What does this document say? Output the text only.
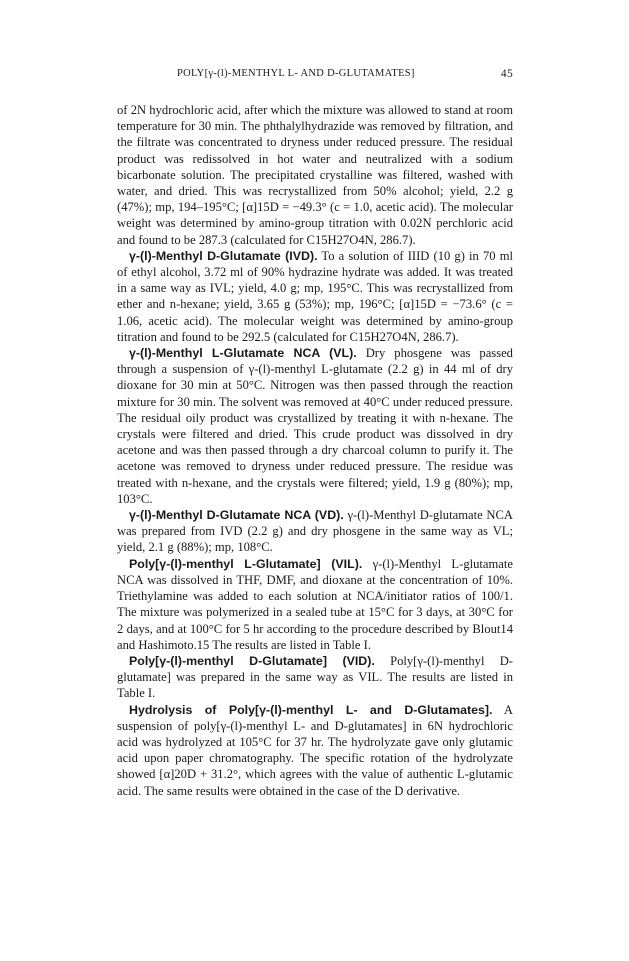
POLY[γ-(l)-MENTHYL L- AND D-GLUTAMATES]	45

of 2N hydrochloric acid, after which the mixture was allowed to stand at room temperature for 30 min. The phthalylhydrazide was removed by filtration, and the filtrate was concentrated to dryness under reduced pressure. The residual product was redissolved in hot water and neutralized with a sodium bicarbonate solution. The precipitated crystalline was filtered, washed with water, and dried. This was recrystallized from 50% alcohol; yield, 2.2 g (47%); mp, 194–195°C; [α]15D = −49.3° (c = 1.0, acetic acid). The molecular weight was determined by amino-group titration with 0.02N perchloric acid and found to be 287.3 (calculated for C15H27O4N, 286.7).

γ-(l)-Menthyl D-Glutamate (IVD). To a solution of IIID (10 g) in 70 ml of ethyl alcohol, 3.72 ml of 90% hydrazine hydrate was added. It was treated in a same way as IVL; yield, 4.0 g; mp, 195°C. This was recrystallized from ether and n-hexane; yield, 3.65 g (53%); mp, 196°C; [α]15D = −73.6° (c = 1.06, acetic acid). The molecular weight was determined by amino-group titration and found to be 292.5 (calculated for C15H27O4N, 286.7).

γ-(l)-Menthyl L-Glutamate NCA (VL). Dry phosgene was passed through a suspension of γ-(l)-menthyl L-glutamate (2.2 g) in 44 ml of dry dioxane for 30 min at 50°C. Nitrogen was then passed through the reaction mixture for 30 min. The solvent was removed at 40°C under reduced pressure. The residual oily product was crystallized by treating it with n-hexane. The crystals were filtered and dried. This crude product was dissolved in dry acetone and was then passed through a dry charcoal column to purify it. The acetone was removed to dryness under reduced pressure. The residue was treated with n-hexane, and the crystals were filtered; yield, 1.9 g (80%); mp, 103°C.

γ-(l)-Menthyl D-Glutamate NCA (VD). γ-(l)-Menthyl D-glutamate NCA was prepared from IVD (2.2 g) and dry phosgene in the same way as VL; yield, 2.1 g (88%); mp, 108°C.

Poly[γ-(l)-menthyl L-Glutamate] (VIL). γ-(l)-Menthyl L-glutamate NCA was dissolved in THF, DMF, and dioxane at the concentration of 10%. Triethylamine was added to each solution at NCA/initiator ratios of 100/1. The mixture was polymerized in a sealed tube at 15°C for 3 days, at 30°C for 2 days, and at 100°C for 5 hr according to the procedure described by Blout14 and Hashimoto.15 The results are listed in Table I.

Poly[γ-(l)-menthyl D-Glutamate] (VID). Poly[γ-(l)-menthyl D-glutamate] was prepared in the same way as VIL. The results are listed in Table I.

Hydrolysis of Poly[γ-(l)-menthyl L- and D-Glutamates]. A suspension of poly[γ-(l)-menthyl L- and D-glutamates] in 6N hydrochloric acid was hydrolyzed at 105°C for 37 hr. The hydrolyzate gave only glutamic acid upon paper chromatography. The specific rotation of the hydrolyzate showed [α]20D + 31.2°, which agrees with the value of authentic L-glutamic acid. The same results were obtained in the case of the D derivative.
